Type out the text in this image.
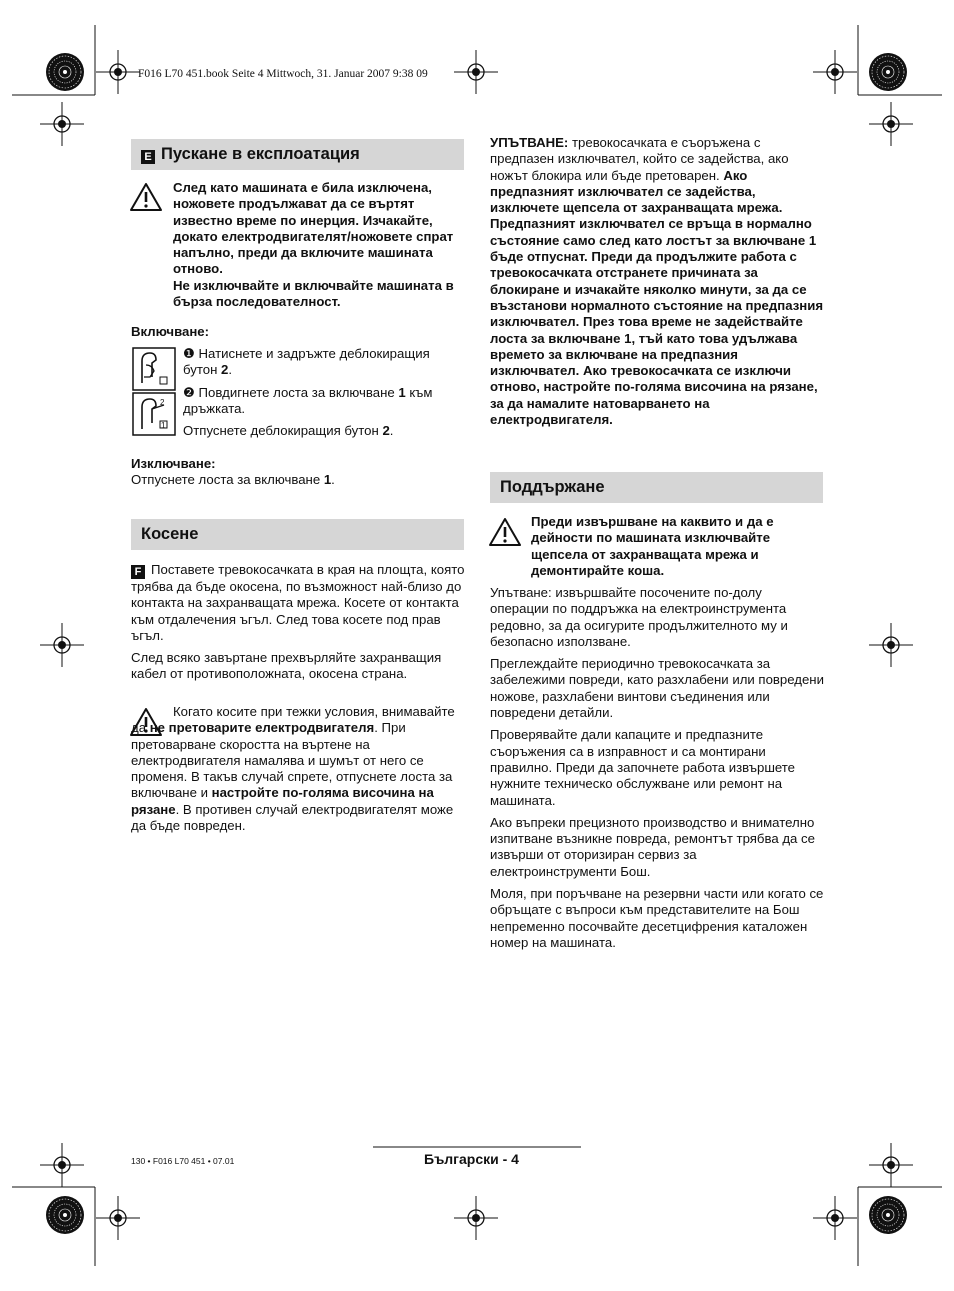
F016 L70 451.book Seite 4 Mittwoch, 31. Januar 2007 9:38 09
E Пускане в експлоатация
След като машината е била изключена, ножовете продължават да се въртят известно време по инерция. Изчакайте, докато електродвигателят/ножовете спрат напълно, преди да включите машината отново.
Не изключвайте и включвайте машината в бърза последователност.
Включване:
2
1

❶ Натиснете и задръжте деблокиращия бутон 2.

❷ Повдигнете лоста за включване 1 към дръжката.

Отпуснете деблокиращия бутон 2.

Изключване:
Отпуснете лоста за включване 1.
Косене

F Поставете тревокосачката в края на площта, която трябва да бъде окосена, по възможност най-близо до контакта на захранващата мрежа. Косете от контакта към отдалечения ъгъл. След това косете под прав ъгъл.

След всяко завъртане прехвърляйте захранващия кабел от противоположната, окосена страна.

Когато косите при тежки условия, внимавайте да не претоварите електродвигателя. При претоварване скоростта на въртене на електродвигателя намалява и шумът от него се променя. В такъв случай спрете, отпуснете лоста за включване и настройте по-голяма височина на рязане. В противен случай електродвигателят може да бъде повреден.
УПЪТВАНЕ: тревокосачката е съоръжена с предпазен изключвател, който се задейства, ако ножът блокира или бъде претоварен. Ако предпазният изключвател се задейства, изключете щепсела от захранващата мрежа. Предпазният изключвател се връща в нормално състояние само след като лостът за включване 1 бъде отпуснат. Преди да продължите работа с тревокосачката отстранете причината за блокиране и изчакайте няколко минути, за да се възстанови нормалното състояние на предпазния изключвател. През това време не задействайте лоста за включване 1, тъй като това удължава времето за включване на предпазния изключвател. Ако тревокосачката се изключи отново, настройте по-голяма височина на рязане, за да намалите натоварването на електродвигателя.
Поддържане
Преди извършване на каквито и да е дейности по машината изключвайте щепсела от захранващата мрежа и демонтирайте коша.

Упътване: извършвайте посочените по-долу операции по поддръжка на електроинструмента редовно, за да осигурите продължителното му и безопасно използване.

Преглеждайте периодично тревокосачката за забележими повреди, като разхлабени или повредени ножове, разхлабени винтови съединения или повредени детайли.

Проверявайте дали капаците и предпазните съоръжения са в изправност и са монтирани правилно. Преди да започнете работа извършете нужните техническо обслужване или ремонт на машината.

Ако въпреки прецизното производство и внимателно изпитване възникне повреда, ремонтът трябва да се извърши от оторизиран сервиз за електроинструменти Бош.

Моля, при поръчване на резервни части или когато се обръщате с въпроси към представителите на Бош непременно посочвайте десетцифрения каталожен номер на машината.

130 • F016 L70 451 • 07.01	Български - 4
